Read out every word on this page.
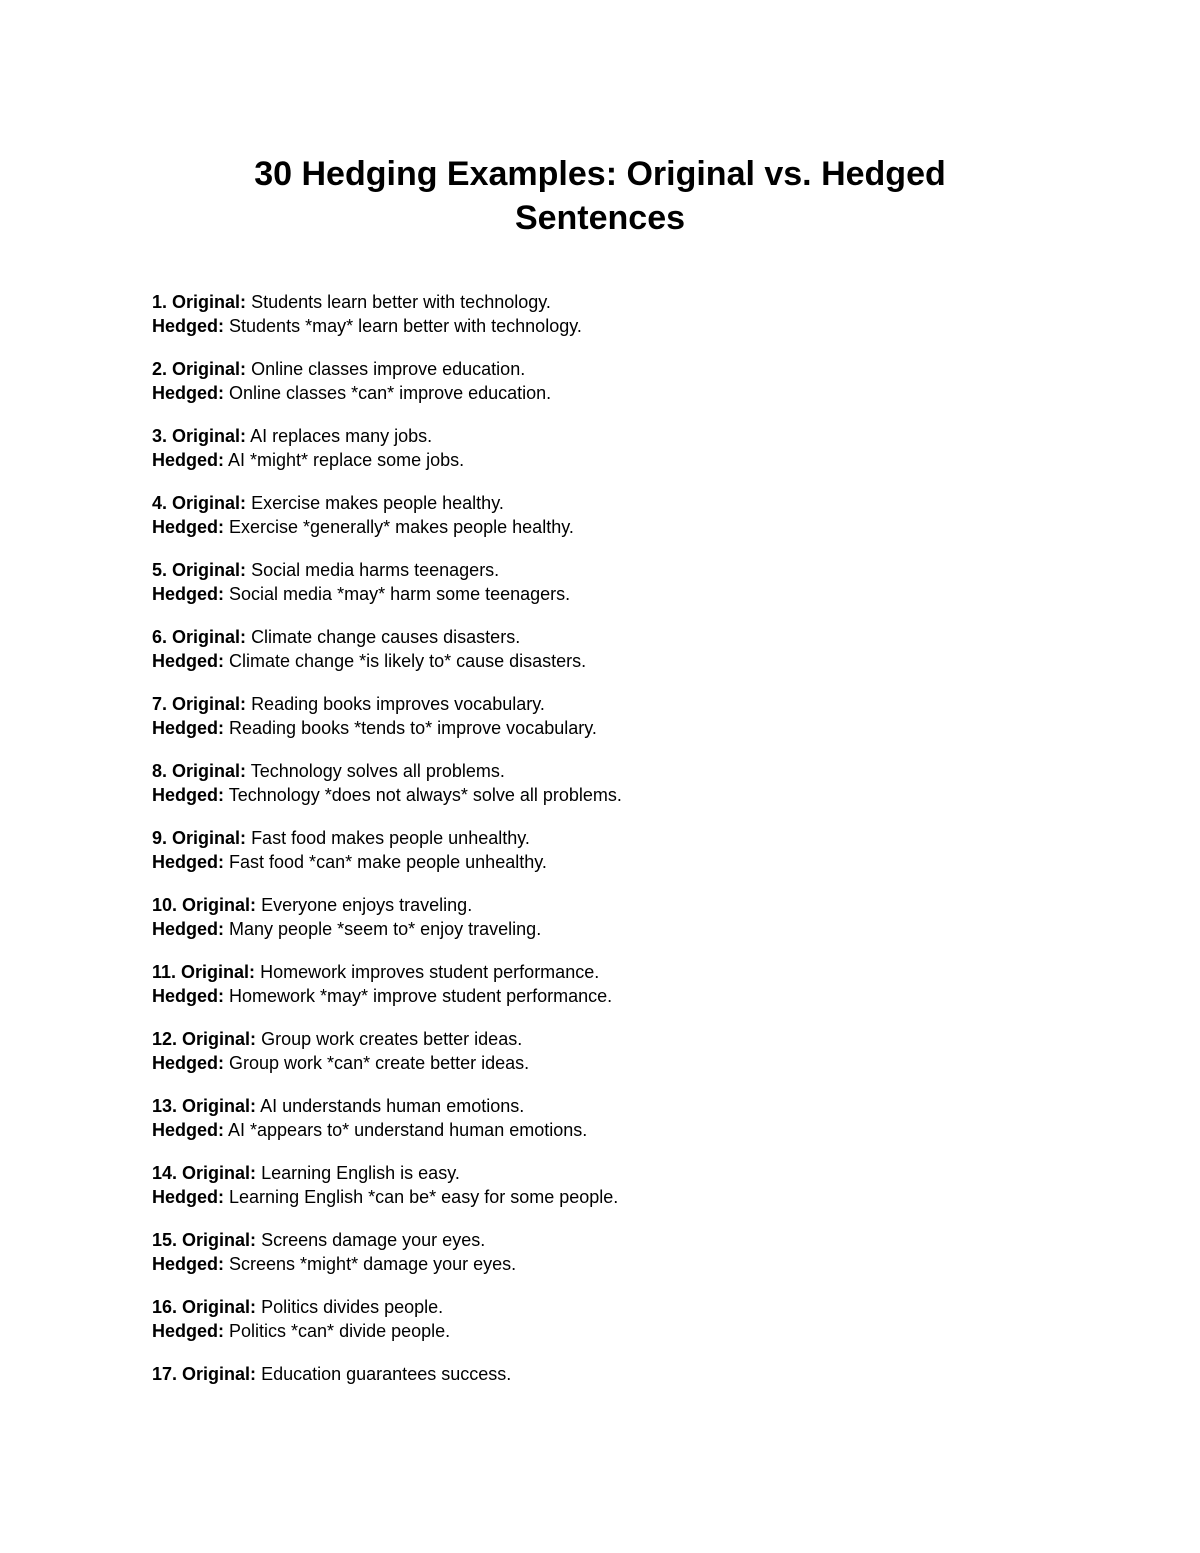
30 Hedging Examples: Original vs. Hedged
Sentences
1. Original: Students learn better with technology.
Hedged: Students *may* learn better with technology.
2. Original: Online classes improve education.
Hedged: Online classes *can* improve education.
3. Original: AI replaces many jobs.
Hedged: AI *might* replace some jobs.
4. Original: Exercise makes people healthy.
Hedged: Exercise *generally* makes people healthy.
5. Original: Social media harms teenagers.
Hedged: Social media *may* harm some teenagers.
6. Original: Climate change causes disasters.
Hedged: Climate change *is likely to* cause disasters.
7. Original: Reading books improves vocabulary.
Hedged: Reading books *tends to* improve vocabulary.
8. Original: Technology solves all problems.
Hedged: Technology *does not always* solve all problems.
9. Original: Fast food makes people unhealthy.
Hedged: Fast food *can* make people unhealthy.
10. Original: Everyone enjoys traveling.
Hedged: Many people *seem to* enjoy traveling.
11. Original: Homework improves student performance.
Hedged: Homework *may* improve student performance.
12. Original: Group work creates better ideas.
Hedged: Group work *can* create better ideas.
13. Original: AI understands human emotions.
Hedged: AI *appears to* understand human emotions.
14. Original: Learning English is easy.
Hedged: Learning English *can be* easy for some people.
15. Original: Screens damage your eyes.
Hedged: Screens *might* damage your eyes.
16. Original: Politics divides people.
Hedged: Politics *can* divide people.
17. Original: Education guarantees success.
